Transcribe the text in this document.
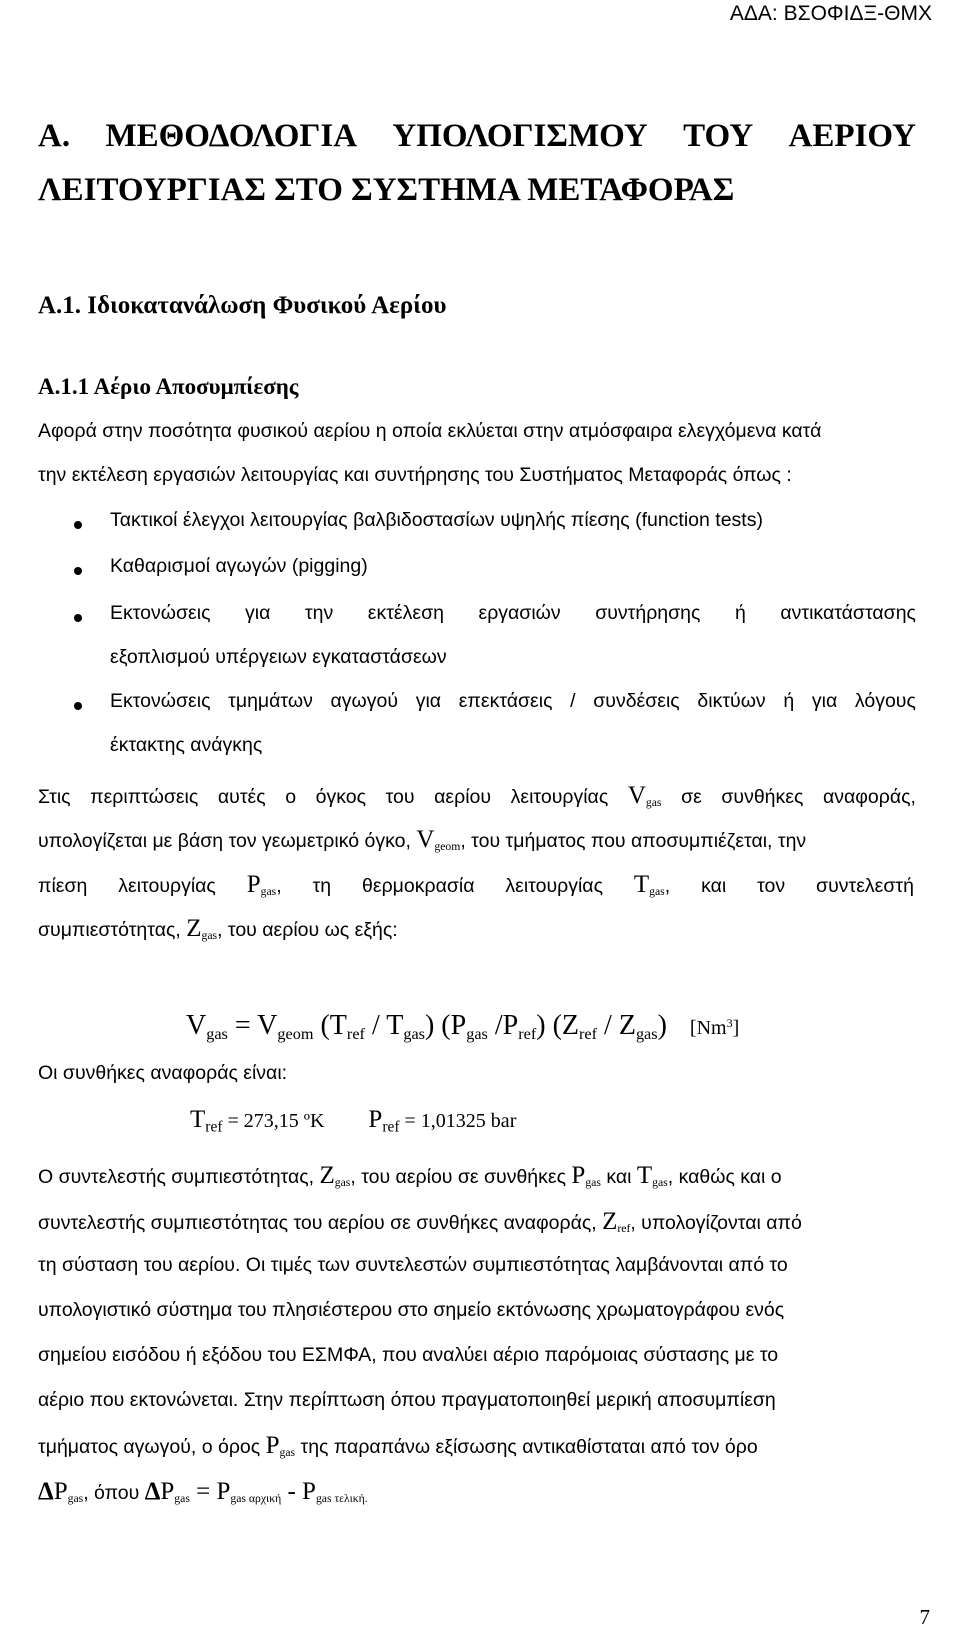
ΑΔΑ: ΒΣΟΦΙΔΞ-ΘΜΧ
Α. ΜΕΘΟΔΟΛΟΓΙΑ ΥΠΟΛΟΓΙΣΜΟΥ ΤΟΥ ΑΕΡΙΟΥ
ΛΕΙΤΟΥΡΓΙΑΣ ΣΤΟ ΣΥΣΤΗΜΑ ΜΕΤΑΦΟΡΑΣ
Α.1. Ιδιοκατανάλωση Φυσικού Αερίου
Α.1.1 Αέριο Αποσυμπίεσης
Αφορά στην ποσότητα φυσικού αερίου η οποία εκλύεται στην ατμόσφαιρα ελεγχόμενα κατά
την εκτέλεση εργασιών λειτουργίας και συντήρησης του Συστήματος Μεταφοράς όπως :
Τακτικοί έλεγχοι λειτουργίας βαλβιδοστασίων υψηλής πίεσης (function tests)
Καθαρισμοί αγωγών (pigging)
Εκτονώσεις για την εκτέλεση εργασιών συντήρησης ή αντικατάστασης
εξοπλισμού υπέργειων εγκαταστάσεων
Εκτονώσεις τμημάτων αγωγού για επεκτάσεις / συνδέσεις δικτύων ή για λόγους
έκτακτης ανάγκης
Στις περιπτώσεις αυτές ο όγκος του αερίου λειτουργίας $V_{gas}$ σε συνθήκες αναφοράς,
υπολογίζεται με βάση τον γεωμετρικό όγκο, $V_{geom}$, του τμήματος που αποσυμπιέζεται, την
πίεση λειτουργίας $P_{gas}$, τη θερμοκρασία λειτουργίας $T_{gas}$, και τον συντελεστή
συμπιεστότητας, $Z_{gas}$, του αερίου ως εξής:
$V_{gas} = V_{geom}$ $(T_{ref} / T_{gas})$ ($P_{gas}$ $/P_{ref}$) $(Z_{ref} / Z_{gas})$ [Nm$^3$]
Οι συνθήκες αναφοράς είναι:
$T_{ref} = 273,15$ ºK $P_{ref} = 1,01325$ bar
Ο συντελεστής συμπιεστότητας, $Z_{gas}$, του αερίου σε συνθήκες $P_{gas}$ και $T_{gas}$, καθώς και ο
συντελεστής συμπιεστότητας του αερίου σε συνθήκες αναφοράς, $Z_{ref}$, υπολογίζονται από
τη σύσταση του αερίου. Οι τιμές των συντελεστών συμπιεστότητας λαμβάνονται από το
υπολογιστικό σύστημα του πλησιέστερου στο σημείο εκτόνωσης χρωματογράφου ενός
σημείου εισόδου ή εξόδου του ΕΣΜΦΑ, που αναλύει αέριο παρόμοιας σύστασης με το
αέριο που εκτονώνεται. Στην περίπτωση όπου πραγματοποιηθεί μερική αποσυμπίεση
τμήματος αγωγού, ο όρος $P_{gas}$ της παραπάνω εξίσωσης αντικαθίσταται από τον όρο
$\Delta P_{gas}$, όπου $\Delta P_{gas} = P_{gas \alpha\rho\chi\iota\kappa ή} - P_{gas \tau\varepsilon\lambda\iota\kappa ή.}$
7
